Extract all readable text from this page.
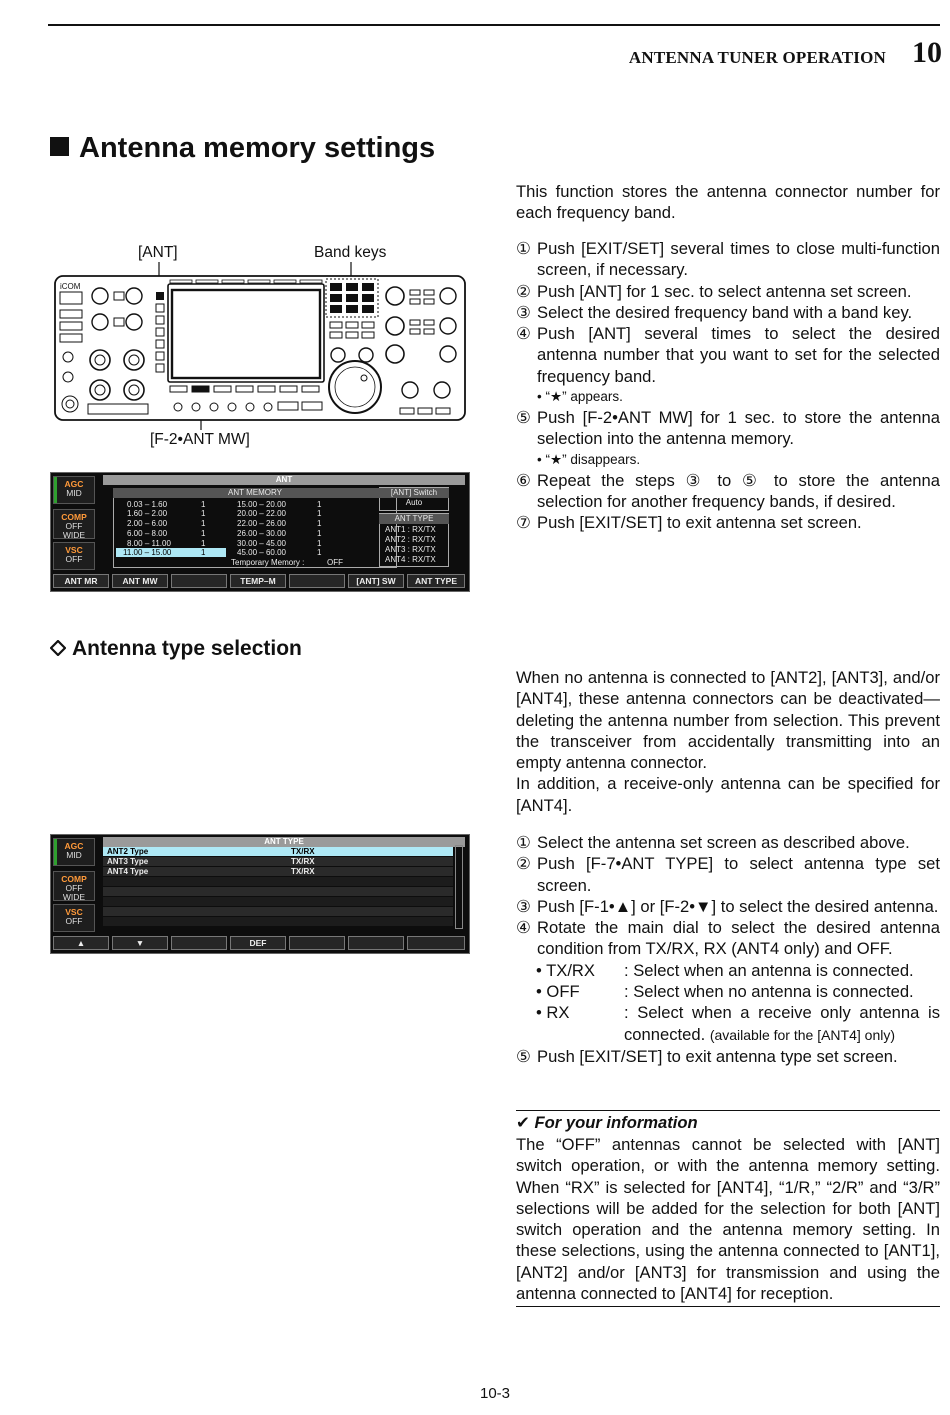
ANTENNA TUNER OPERATION 10
Antenna memory settings
This function stores the antenna connector number for each frequency band.
[ANT]	Band keys
[F-2•ANT MW]
iCOM
AGC
MID
COMP
OFF WIDE
VSC
OFF
ANT
ANT MEMORY
0.03 – 1.60	1
1.60 – 2.00	1
2.00 – 6.00	1
6.00 – 8.00	1
8.00 – 11.00	1
11.00 – 15.00	1
15.00 – 20.00	1
20.00 – 22.00	1
22.00 – 26.00	1
26.00 – 30.00	1
30.00 – 45.00	1
45.00 – 60.00	1
Temporary Memory :	OFF
[ANT] Switch
Auto
ANT TYPE
ANT1 : RX/TX
ANT2 : RX/TX
ANT3 : RX/TX
ANT4 : RX/TX
ANT MR	ANT MW	TEMP–M	[ANT] SW	ANT TYPE
① Push [EXIT/SET] several times to close multi-function screen, if necessary.
② Push [ANT] for 1 sec. to select antenna set screen.
③ Select the desired frequency band with a band key.
④ Push [ANT] several times to select the desired antenna number that you want to set for the selected frequency band.
• “★” appears.
⑤ Push [F-2•ANT MW] for 1 sec. to store the antenna selection into the antenna memory.
• “★” disappears.
⑥ Repeat the steps ③ to ⑤ to store the antenna selection for another frequency bands, if desired.
⑦ Push [EXIT/SET] to exit antenna set screen.
Antenna type selection
When no antenna is connected to [ANT2], [ANT3], and/or [ANT4], these antenna connectors can be deactivated— deleting the antenna number from selection. This prevent the transceiver from accidentally transmitting into an empty antenna connector.
In addition, a receive-only antenna can be specified for [ANT4].
AGC
MID
COMP
OFF WIDE
VSC
OFF
ANT TYPE
ANT2 Type	TX/RX
ANT3 Type	TX/RX
ANT4 Type	TX/RX
▲	▼	DEF
① Select the antenna set screen as described above.
② Push [F-7•ANT TYPE] to select antenna type set screen.
③ Push [F-1•▲] or [F-2•▼] to select the desired antenna.
④ Rotate the main dial to select the desired antenna condition from TX/RX, RX (ANT4 only) and OFF.
• TX/RX : Select when an antenna is connected.
• OFF	: Select when no antenna is connected.
• RX	: Select when a receive only antenna is connected. (available for the [ANT4] only)
⑤ Push [EXIT/SET] to exit antenna type set screen.
✔ For your information
The “OFF” antennas cannot be selected with [ANT] switch operation, or with the antenna memory setting. When “RX” is selected for [ANT4], “1/R,” “2/R” and “3/R” selections will be added for the selection for both [ANT] switch operation and the antenna memory setting. In these selections, using the antenna connected to [ANT1], [ANT2] and/or [ANT3] for transmission and using the antenna connected to [ANT4] for reception.
10-3
